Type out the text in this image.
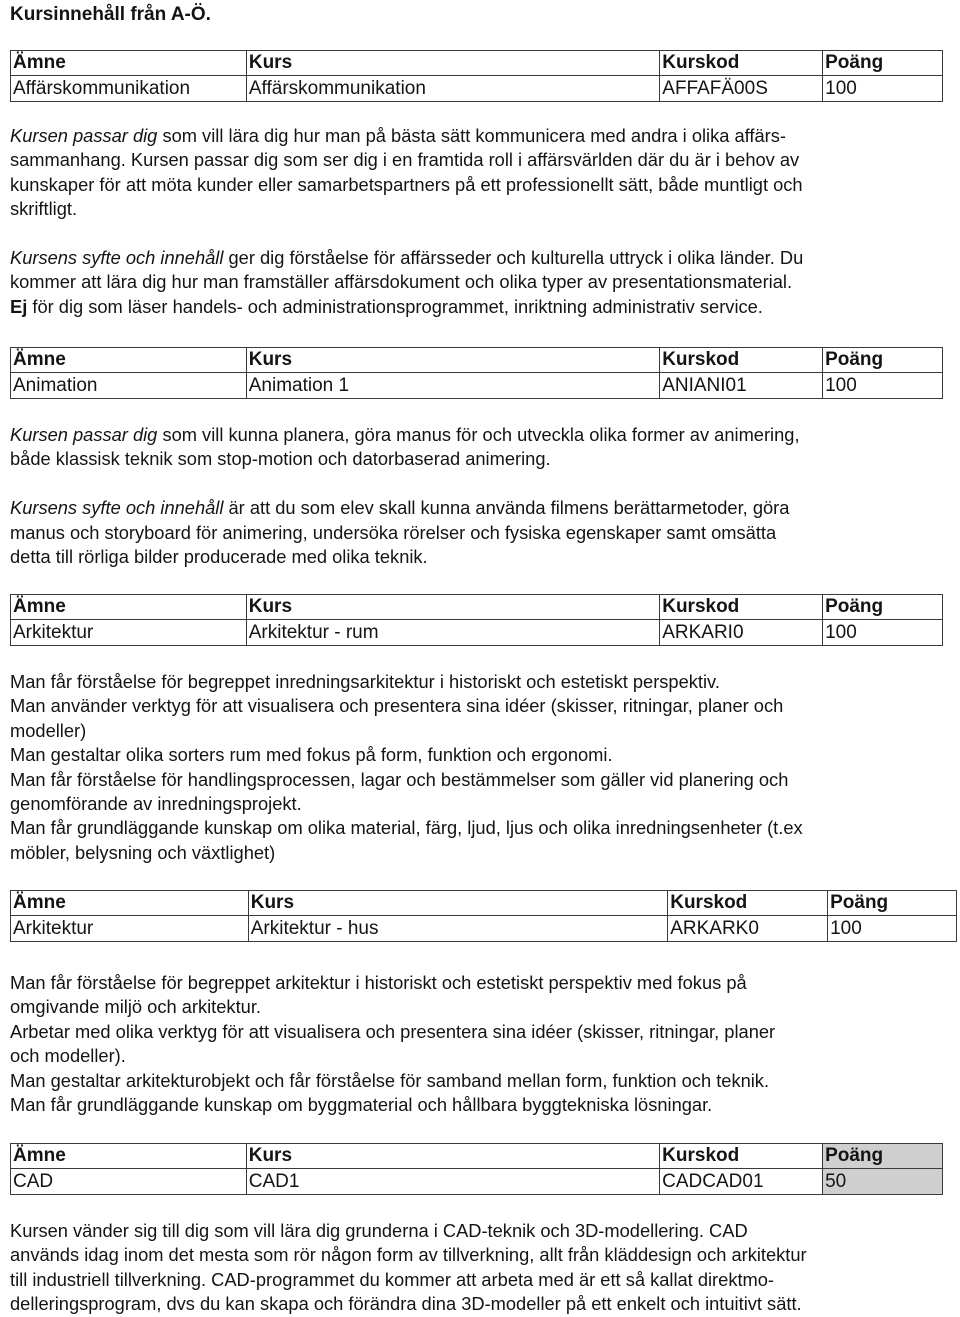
Kursinnehåll från A-Ö.
Ämne	Kurs	Kurskod	Poäng
Affärskommunikation	Affärskommunikation	AFFAFÄ00S	100

Kursen passar dig som vill lära dig hur man på bästa sätt kommunicera med andra i olika affärs-
sammanhang. Kursen passar dig som ser dig i en framtida roll i affärsvärlden där du är i behov av
kunskaper för att möta kunder eller samarbetspartners på ett professionellt sätt, både muntligt och
skriftligt.

Kursens syfte och innehåll ger dig förståelse för affärsseder och kulturella uttryck i olika länder. Du
kommer att lära dig hur man framställer affärsdokument och olika typer av presentationsmaterial.
Ej för dig som läser handels- och administrationsprogrammet, inriktning administrativ service.

Ämne	Kurs	Kurskod	Poäng
Animation	Animation 1	ANIANI01	100

Kursen passar dig som vill kunna planera, göra manus för och utveckla olika former av animering,
både klassisk teknik som stop-motion och datorbaserad animering.

Kursens syfte och innehåll är att du som elev skall kunna använda filmens berättarmetoder, göra
manus och storyboard för animering, undersöka rörelser och fysiska egenskaper samt omsätta
detta till rörliga bilder producerade med olika teknik.

Ämne	Kurs	Kurskod	Poäng
Arkitektur	Arkitektur - rum	ARKARI0	100

Man får förståelse för begreppet inredningsarkitektur i historiskt och estetiskt perspektiv.
Man använder verktyg för att visualisera och presentera sina idéer (skisser, ritningar, planer och
modeller)
Man gestaltar olika sorters rum med fokus på form, funktion och ergonomi.
Man får förståelse för handlingsprocessen, lagar och bestämmelser som gäller vid planering och
genomförande av inredningsprojekt.
Man får grundläggande kunskap om olika material, färg, ljud, ljus och olika inredningsenheter (t.ex
möbler, belysning och växtlighet)

Ämne	Kurs	Kurskod	Poäng
Arkitektur	Arkitektur - hus	ARKARK0	100

Man får förståelse för begreppet arkitektur i historiskt och estetiskt perspektiv med fokus på
omgivande miljö och arkitektur.
Arbetar med olika verktyg för att visualisera och presentera sina idéer (skisser, ritningar, planer
och modeller).
Man gestaltar arkitekturobjekt och får förståelse för samband mellan form, funktion och teknik.
Man får grundläggande kunskap om byggmaterial och hållbara byggtekniska lösningar.

Ämne	Kurs	Kurskod	Poäng
CAD	CAD1	CADCAD01	50

Kursen vänder sig till dig som vill lära dig grunderna i CAD-teknik och 3D-modellering. CAD
används idag inom det mesta som rör någon form av tillverkning, allt från kläddesign och arkitektur
till industriell tillverkning. CAD-programmet du kommer att arbeta med är ett så kallat direktmo-
delleringsprogram, dvs du kan skapa och förändra dina 3D-modeller på ett enkelt och intuitivt sätt.
